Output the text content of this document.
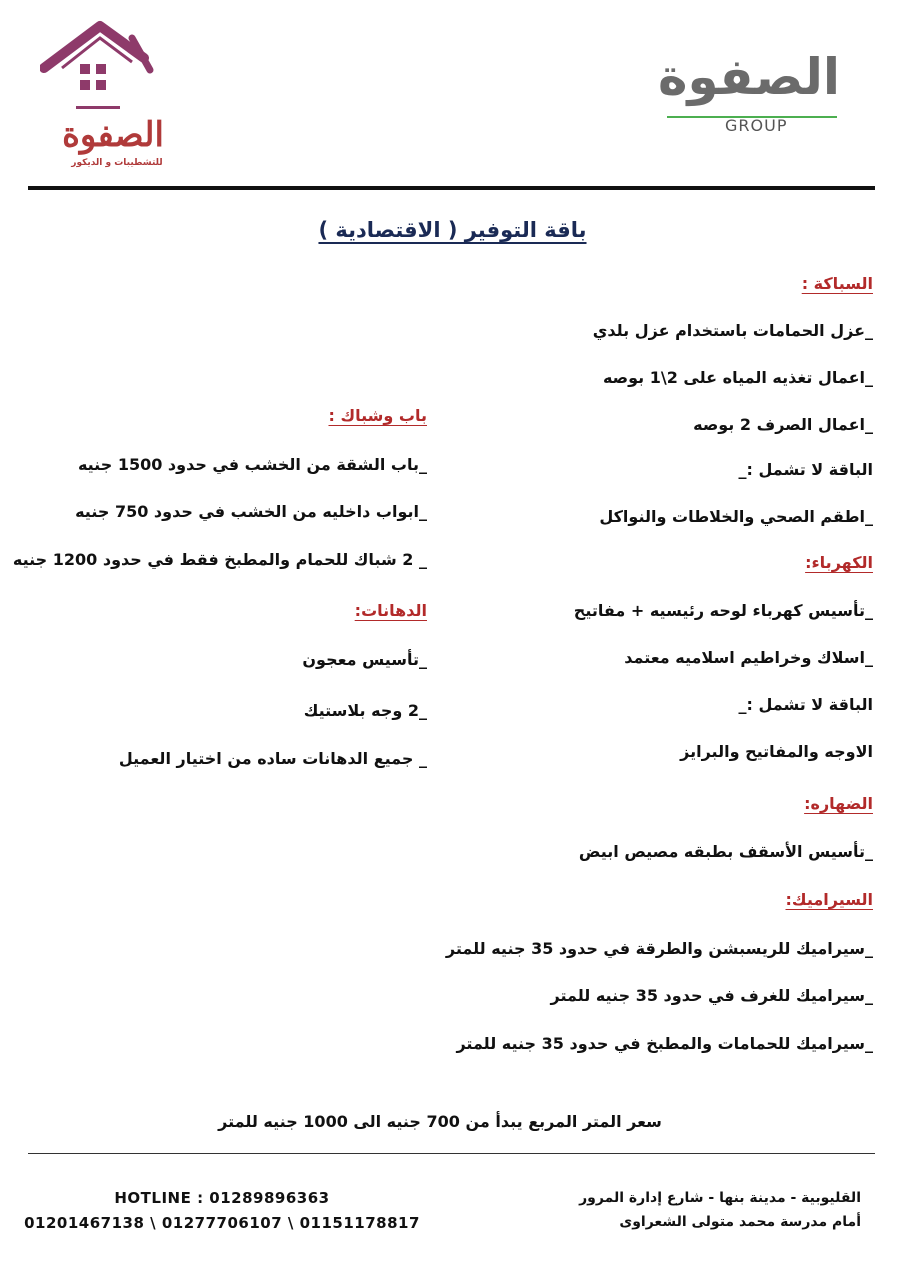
الصفوة
للتشطيبات و الديكور
الصفوة
GROUP
باقة التوفير ( الاقتصادية )
السباكة :
_عزل الحمامات باستخدام عزل بلدي
_اعمال تغذيه المياه على 2\1 بوصه
_اعمال الصرف 2 بوصه
الباقة لا تشمل :_
_اطقم الصحي والخلاطات والنواكل
الكهرباء:
_تأسيس كهرباء لوحه رئيسيه + مفاتيح
_اسلاك وخراطيم اسلاميه معتمد
الباقة لا تشمل :_
الاوجه والمفاتيح والبرايز
الضهاره:
_تأسيس الأسقف بطبقه مصيص ابيض
السيراميك:
_سيراميك للريسبشن والطرقة في حدود 35 جنيه للمتر
_سيراميك للغرف في حدود 35 جنيه للمتر
_سيراميك للحمامات والمطبخ في حدود 35 جنيه للمتر
باب وشباك :
_باب الشقة من الخشب في حدود 1500 جنيه
_ابواب داخليه من الخشب في حدود 750 جنيه
_ 2 شباك للحمام والمطبخ فقط في حدود 1200 جنيه
الدهانات:
_تأسيس معجون
_2 وجه بلاستيك
_ جميع الدهانات ساده من اختيار العميل
سعر المتر المربع يبدأ من 700 جنيه الى 1000 جنيه للمتر
القليوبية - مدينة بنها - شارع إدارة المرور
أمام مدرسة محمد متولى الشعراوى
HOTLINE : 01289896363
01201467138 \ 01277706107 \ 01151178817
